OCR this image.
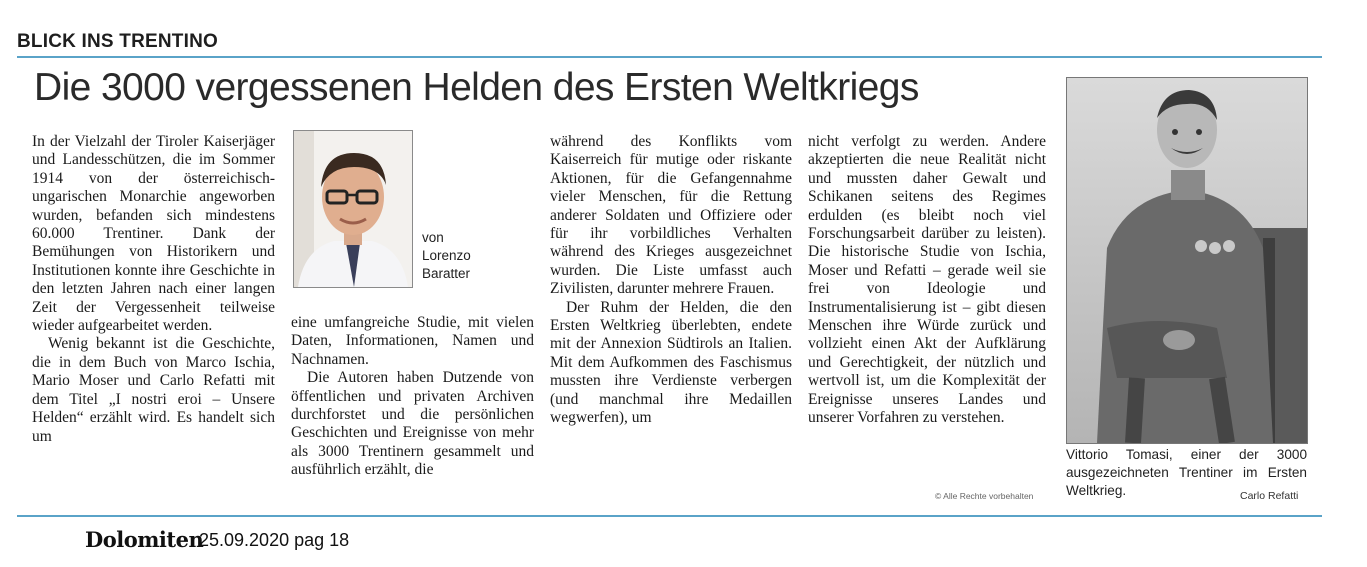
BLICK INS TRENTINO
Die 3000 vergessenen Helden des Ersten Weltkriegs

In der Vielzahl der Tiroler Kaiserjäger und Landesschützen, die im Sommer 1914 von der österreichisch-ungarischen Monarchie angeworben wurden, befanden sich mindestens 60.000 Trentiner. Dank der Bemühungen von Historikern und Institutionen konnte ihre Geschichte in den letzten Jahren nach einer langen Zeit der Vergessenheit teilweise wieder aufgearbeitet werden.

Wenig bekannt ist die Geschichte, die in dem Buch von Marco Ischia, Mario Moser und Carlo Refatti mit dem Titel „I nostri eroi – Unsere Helden“ erzählt wird. Es handelt sich um

von
Lorenzo
Baratter

eine umfangreiche Studie, mit vielen Daten, Informationen, Namen und Nachnamen.

Die Autoren haben Dutzende von öffentlichen und privaten Archiven durchforstet und die persönlichen Geschichten und Ereignisse von mehr als 3000 Trentinern gesammelt und ausführlich erzählt, die

während des Konflikts vom Kaiserreich für mutige oder riskante Aktionen, für die Gefangennahme vieler Menschen, für die Rettung anderer Soldaten und Offiziere oder für ihr vorbildliches Verhalten während des Krieges ausgezeichnet wurden. Die Liste umfasst auch Zivilisten, darunter mehrere Frauen.

Der Ruhm der Helden, die den Ersten Weltkrieg überlebten, endete mit der Annexion Südtirols an Italien. Mit dem Aufkommen des Faschismus mussten ihre Verdienste verbergen (und manchmal ihre Medaillen wegwerfen), um

nicht verfolgt zu werden. Andere akzeptierten die neue Realität nicht und mussten daher Gewalt und Schikanen seitens des Regimes erdulden (es bleibt noch viel Forschungsarbeit darüber zu leisten). Die historische Studie von Ischia, Moser und Refatti – gerade weil sie frei von Ideologie und Instrumentalisierung ist – gibt diesen Menschen ihre Würde zurück und vollzieht einen Akt der Aufklärung und Gerechtigkeit, der nützlich und wertvoll ist, um die Komplexität der Ereignisse unseres Landes und unserer Vorfahren zu verstehen.

© Alle Rechte vorbehalten
Vittorio Tomasi, einer der 3000 ausgezeichneten Trentiner im Ersten Weltkrieg.	Carlo Refatti
Dolomiten
25.09.2020 pag 18
